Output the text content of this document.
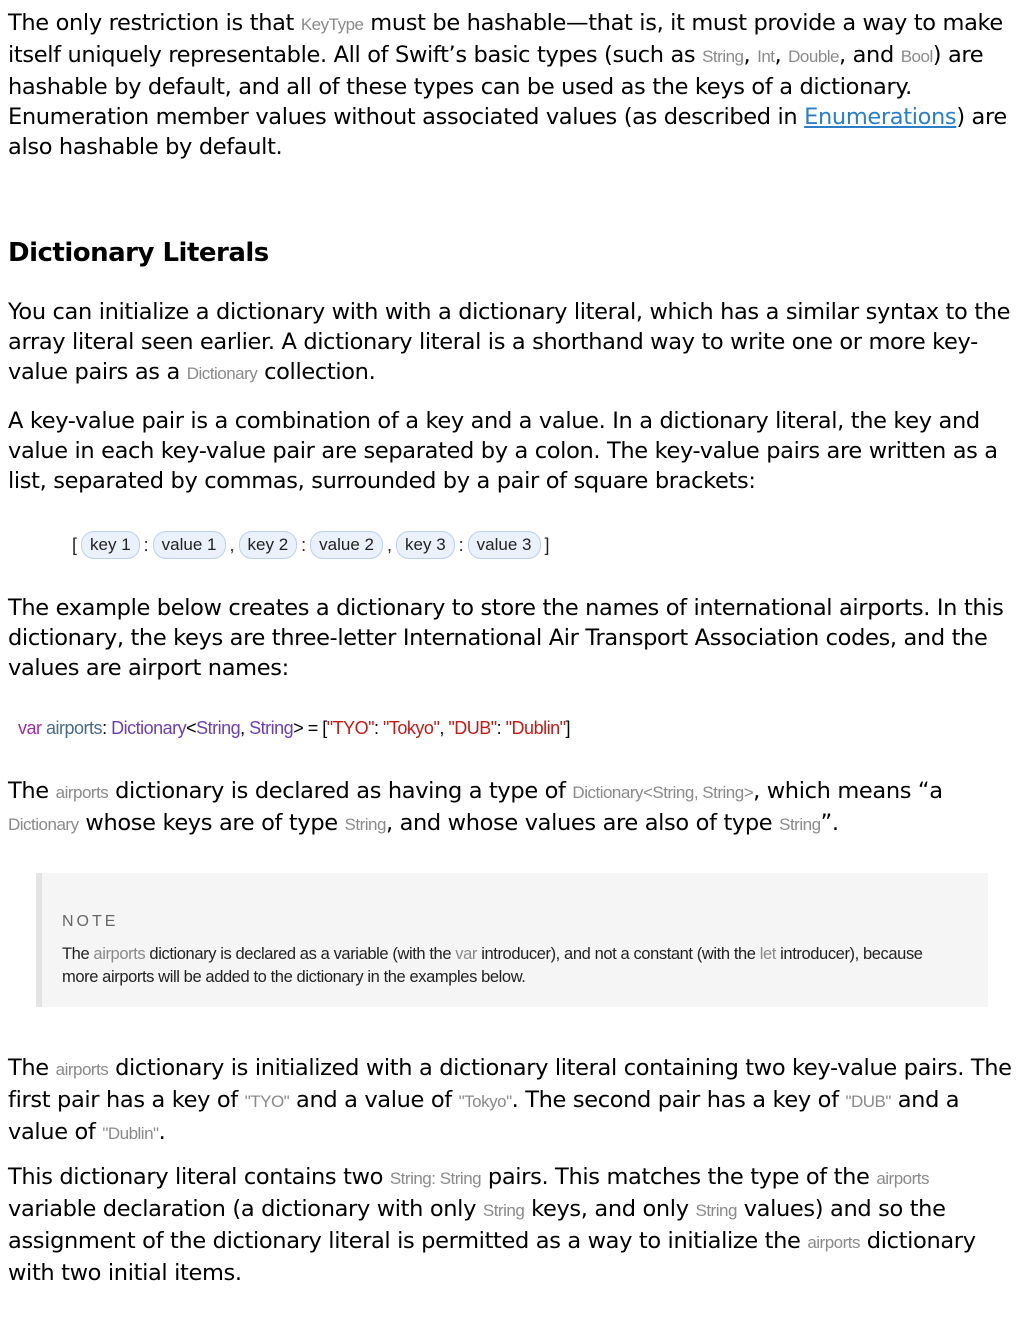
The only restriction is that KeyType must be hashable—that is, it must provide a way to make itself uniquely representable. All of Swift’s basic types (such as String, Int, Double, and Bool) are hashable by default, and all of these types can be used as the keys of a dictionary. Enumeration member values without associated values (as described in Enumerations) are also hashable by default.

Dictionary Literals

You can initialize a dictionary with with a dictionary literal, which has a similar syntax to the array literal seen earlier. A dictionary literal is a shorthand way to write one or more key-value pairs as a Dictionary collection.

A key-value pair is a combination of a key and a value. In a dictionary literal, the key and value in each key-value pair are separated by a colon. The key-value pairs are written as a list, separated by commas, surrounded by a pair of square brackets:

[ key 1 : value 1 , key 2 : value 2 , key 3 : value 3 ]

The example below creates a dictionary to store the names of international airports. In this dictionary, the keys are three-letter International Air Transport Association codes, and the values are airport names:

var airports: Dictionary<String, String> = ["TYO": "Tokyo", "DUB": "Dublin"]

The airports dictionary is declared as having a type of Dictionary<String, String>, which means “a Dictionary whose keys are of type String, and whose values are also of type String”.

NOTE

The airports dictionary is declared as a variable (with the var introducer), and not a constant (with the let introducer), because more airports will be added to the dictionary in the examples below.

The airports dictionary is initialized with a dictionary literal containing two key-value pairs. The first pair has a key of "TYO" and a value of "Tokyo". The second pair has a key of "DUB" and a value of "Dublin".

This dictionary literal contains two String: String pairs. This matches the type of the airports variable declaration (a dictionary with only String keys, and only String values) and so the assignment of the dictionary literal is permitted as a way to initialize the airports dictionary with two initial items.
